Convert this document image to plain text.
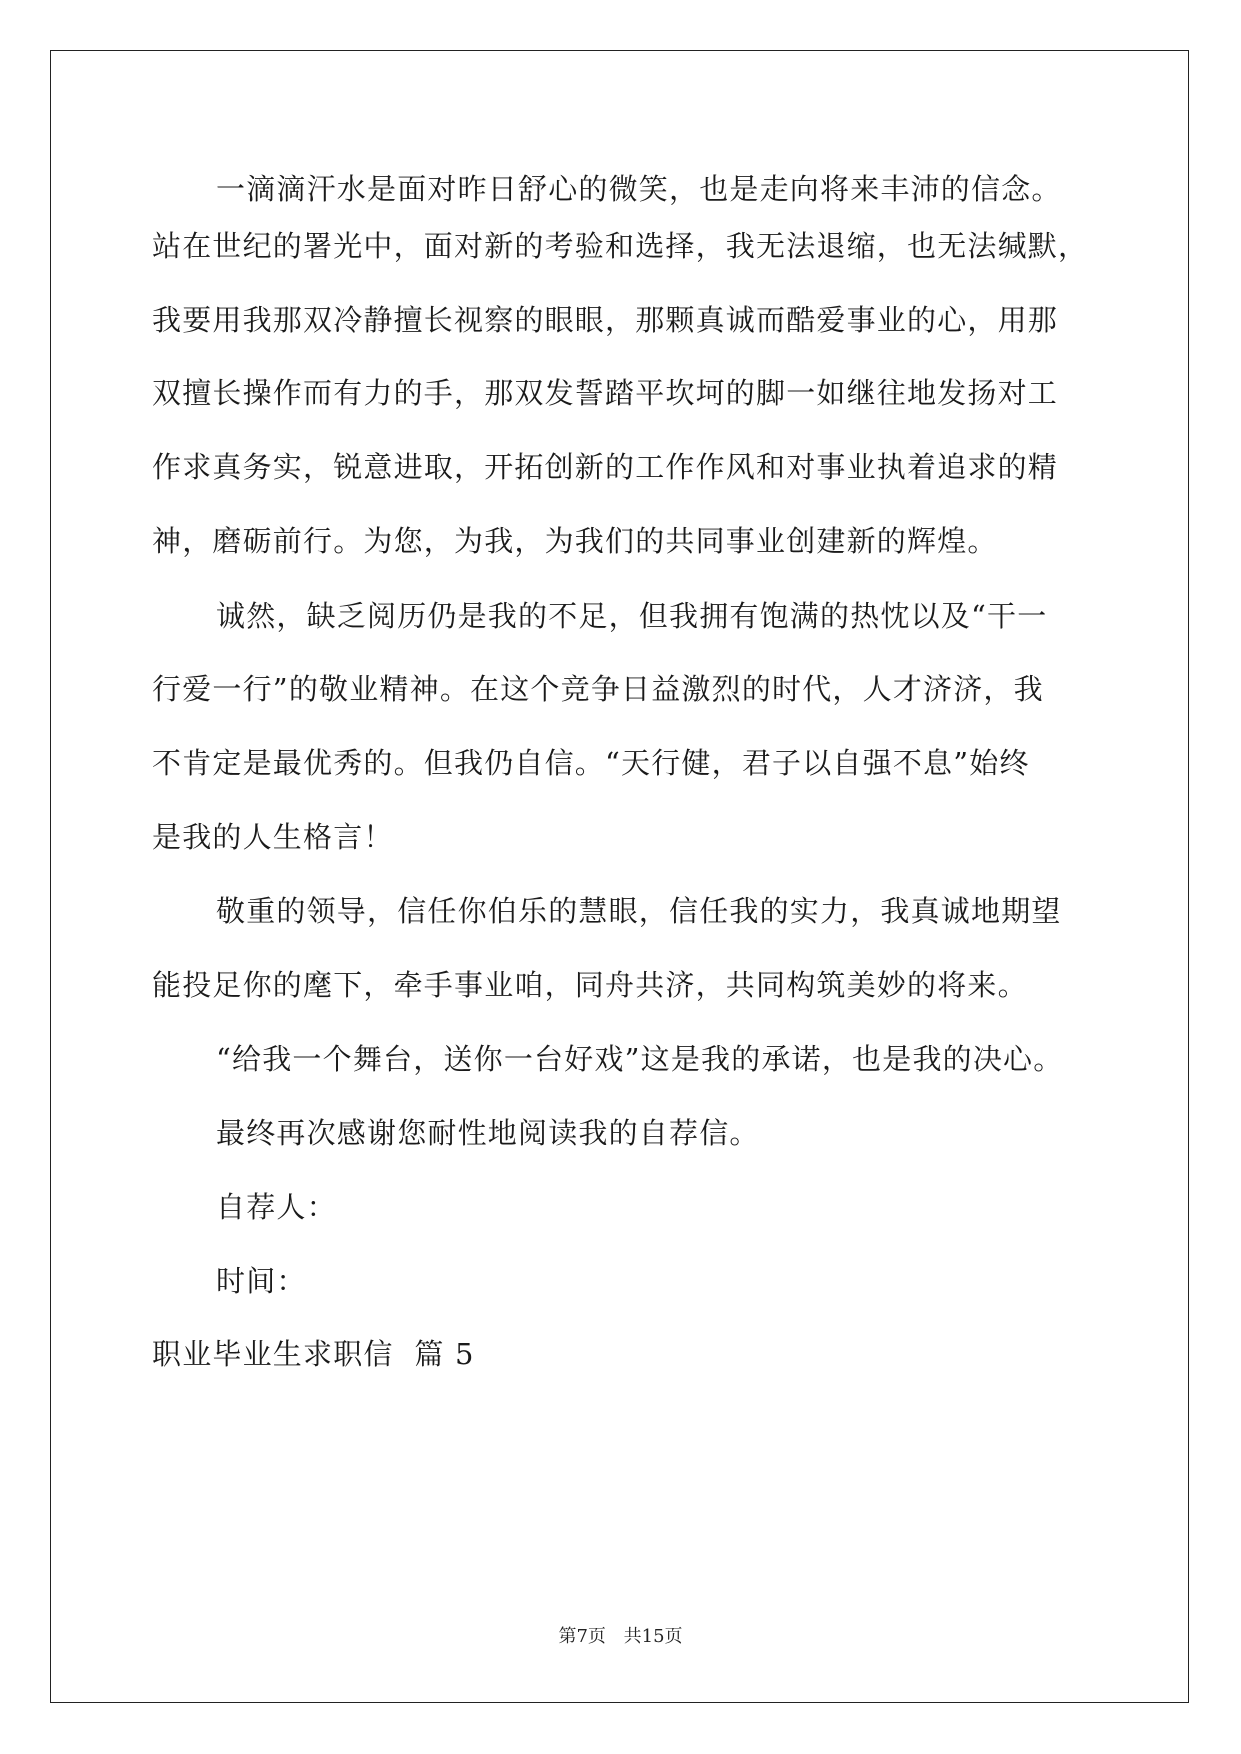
一滴滴汗水是面对昨日舒心的微笑，也是走向将来丰沛的信念。
站在世纪的署光中，面对新的考验和选择，我无法退缩，也无法缄默，
我要用我那双冷静擅长视察的眼眼，那颗真诚而酷爱事业的心，用那
双擅长操作而有力的手，那双发誓踏平坎坷的脚一如继往地发扬对工
作求真务实，锐意进取，开拓创新的工作作风和对事业执着追求的精
神，磨砺前行。为您，为我，为我们的共同事业创建新的辉煌。
诚然，缺乏阅历仍是我的不足，但我拥有饱满的热忱以及“干一
行爱一行”的敬业精神。在这个竞争日益激烈的时代，人才济济，我
不肯定是最优秀的。但我仍自信。“天行健，君子以自强不息”始终
是我的人生格言！
敬重的领导，信任你伯乐的慧眼，信任我的实力，我真诚地期望
能投足你的麾下，牵手事业咱，同舟共济，共同构筑美妙的将来。
“给我一个舞台，送你一台好戏”这是我的承诺，也是我的决心。
最终再次感谢您耐性地阅读我的自荐信。
自荐人：
时间：
职业毕业生求职信  篇 5
第7页 共15页
